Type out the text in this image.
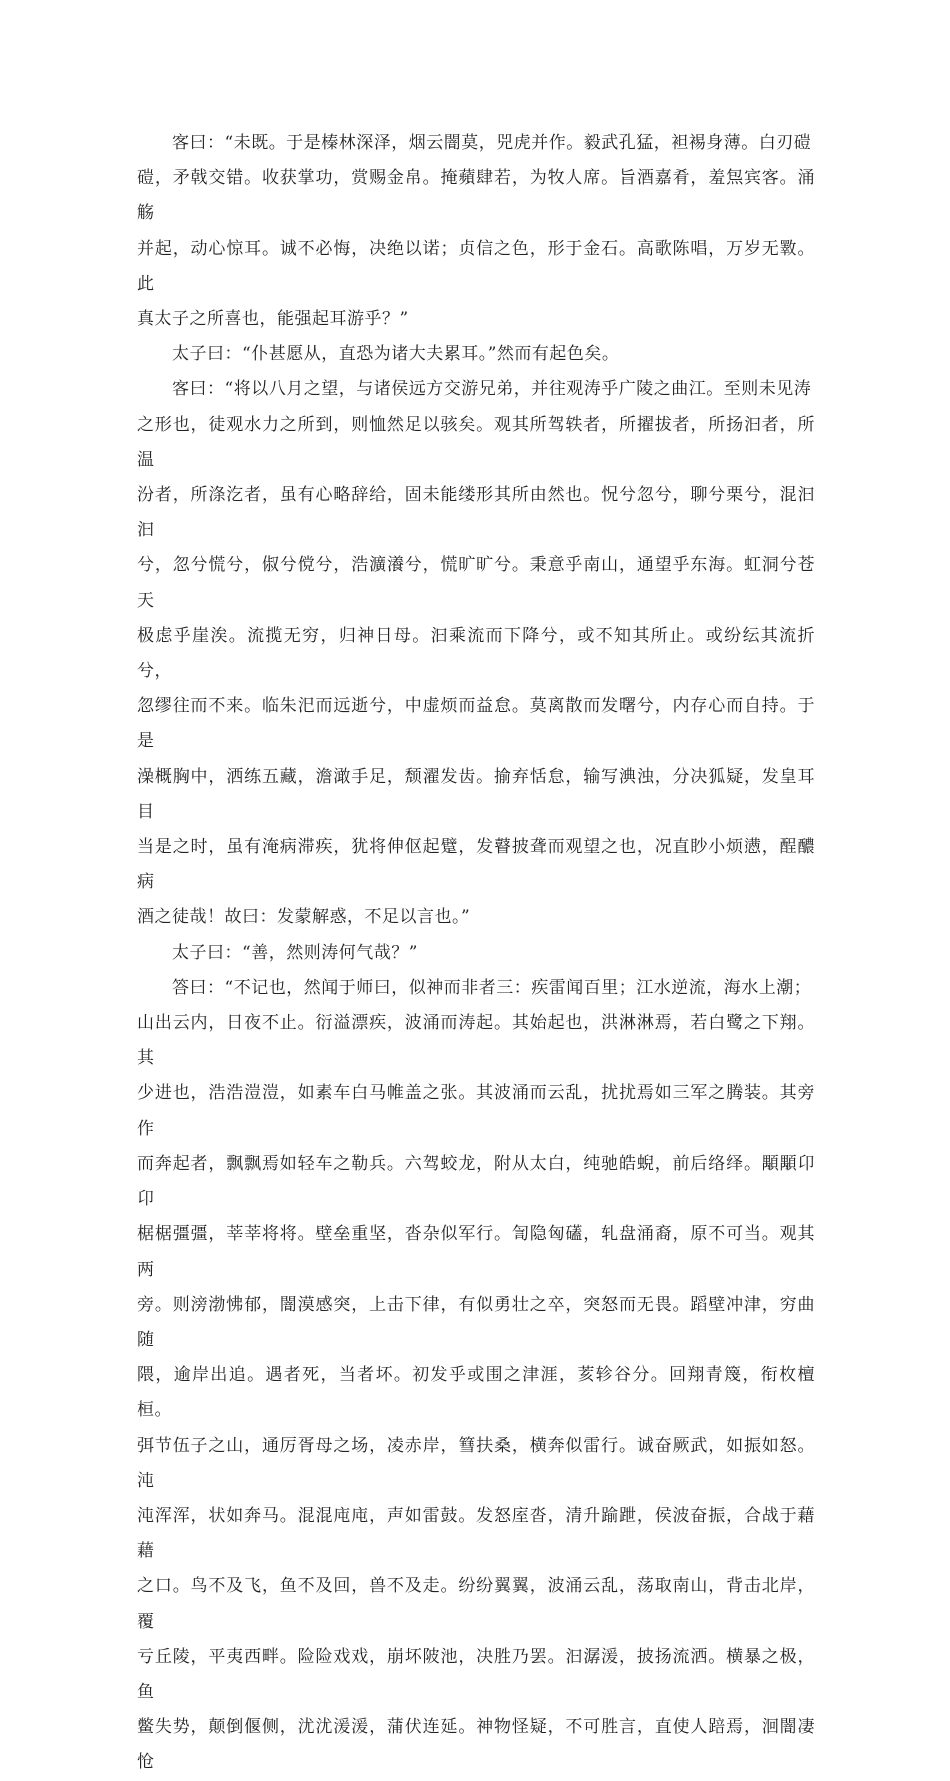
客曰：“未既。于是榛林深泽，烟云闇莫，兕虎并作。毅武孔猛，袒裼身薄。白刃磑
磑，矛戟交错。收获掌功，赏赐金帛。掩蘋肆若，为牧人席。旨酒嘉肴，羞炰宾客。涌觞
并起，动心惊耳。诚不必悔，决绝以诺；贞信之色，形于金石。高歌陈唱，万岁无斁。此
真太子之所喜也，能强起耳游乎？”
太子曰：“仆甚愿从，直恐为诸大夫累耳。”然而有起色矣。
客曰：“将以八月之望，与诸侯远方交游兄弟，并往观涛乎广陵之曲江。至则未见涛
之形也，徒观水力之所到，则恤然足以骇矣。观其所驾轶者，所擢拔者，所扬汩者，所温
汾者，所涤汔者，虽有心略辞给，固未能缕形其所由然也。怳兮忽兮，聊兮栗兮，混汩汩
兮，忽兮慌兮，俶兮傥兮，浩瀇瀁兮，慌旷旷兮。秉意乎南山，通望乎东海。虹洞兮苍天
极虑乎崖涘。流揽无穷，归神日母。汩乘流而下降兮，或不知其所止。或纷纭其流折兮，
忽缪往而不来。临朱汜而远逝兮，中虚烦而益怠。莫离散而发曙兮，内存心而自持。于是
澡概胸中，洒练五藏，澹澉手足，颓濯发齿。揄弃恬怠，输写淟浊，分决狐疑，发皇耳目
当是之时，虽有淹病滞疾，犹将伸伛起躄，发瞽披聋而观望之也，况直眇小烦懑，酲醲病
酒之徒哉！故曰：发蒙解惑，不足以言也。”
太子曰：“善，然则涛何气哉？”
答曰：“不记也，然闻于师曰，似神而非者三：疾雷闻百里；江水逆流，海水上潮；
山出云内，日夜不止。衍溢漂疾，波涌而涛起。其始起也，洪淋淋焉，若白鹭之下翔。其
少进也，浩浩溰溰，如素车白马帷盖之张。其波涌而云乱，扰扰焉如三军之腾装。其旁作
而奔起者，飘飘焉如轻车之勒兵。六驾蛟龙，附从太白，纯驰皓蜺，前后络绎。顒顒卬卬
椐椐彊彊，莘莘将将。壁垒重坚，沓杂似军行。訇隐匈礚，轧盘涌裔，原不可当。观其两
旁。则滂渤怫郁，闇漠感突，上击下律，有似勇壮之卒，突怒而无畏。蹈壁冲津，穷曲随
隈，逾岸出追。遇者死，当者坏。初发乎或围之津涯，荄轸谷分。回翔青篾，衔枚檀桓。
弭节伍子之山，通厉胥母之场，凌赤岸，篲扶桑，横奔似雷行。诚奋厥武，如振如怒。沌
沌浑浑，状如奔马。混混庉庉，声如雷鼓。发怒庢沓，清升踰跇，侯波奋振，合战于藉藉
之口。鸟不及飞，鱼不及回，兽不及走。纷纷翼翼，波涌云乱，荡取南山，背击北岸，覆
亏丘陵，平夷西畔。险险戏戏，崩坏陂池，决胜乃罢。汩潺湲，披扬流洒。横暴之极，鱼
鳖失势，颠倒偃侧，沋沋湲湲，蒲伏连延。神物怪疑，不可胜言，直使人踣焉，洄闇凄怆
